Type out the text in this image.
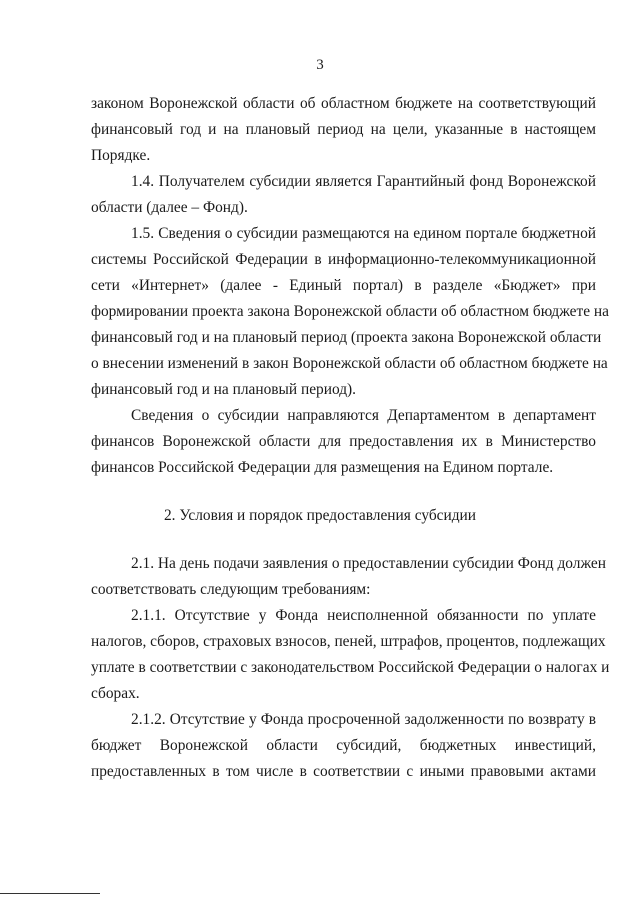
3
законом Воронежской области об областном бюджете на соответствующий
финансовый год и на плановый период на цели, указанные в настоящем
Порядке.
1.4. Получателем субсидии является Гарантийный фонд Воронежской
области (далее – Фонд).
1.5. Сведения о субсидии размещаются на едином портале бюджетной
системы Российской Федерации в информационно-телекоммуникационной
сети «Интернет» (далее - Единый портал) в разделе «Бюджет» при
формировании проекта закона Воронежской области об областном бюджете на
финансовый год и на плановый период (проекта закона Воронежской области
о внесении изменений в закон Воронежской области об областном бюджете на
финансовый год и на плановый период).
Сведения о субсидии направляются Департаментом в департамент
финансов Воронежской области для предоставления их в Министерство
финансов Российской Федерации для размещения на Едином портале.
2. Условия и порядок предоставления субсидии
2.1. На день подачи заявления о предоставлении субсидии Фонд должен
соответствовать следующим требованиям:
2.1.1. Отсутствие у Фонда неисполненной обязанности по уплате
налогов, сборов, страховых взносов, пеней, штрафов, процентов, подлежащих
уплате в соответствии с законодательством Российской Федерации о налогах и
сборах.
2.1.2. Отсутствие у Фонда просроченной задолженности по возврату в
бюджет Воронежской области субсидий, бюджетных инвестиций,
предоставленных в том числе в соответствии с иными правовыми актами
